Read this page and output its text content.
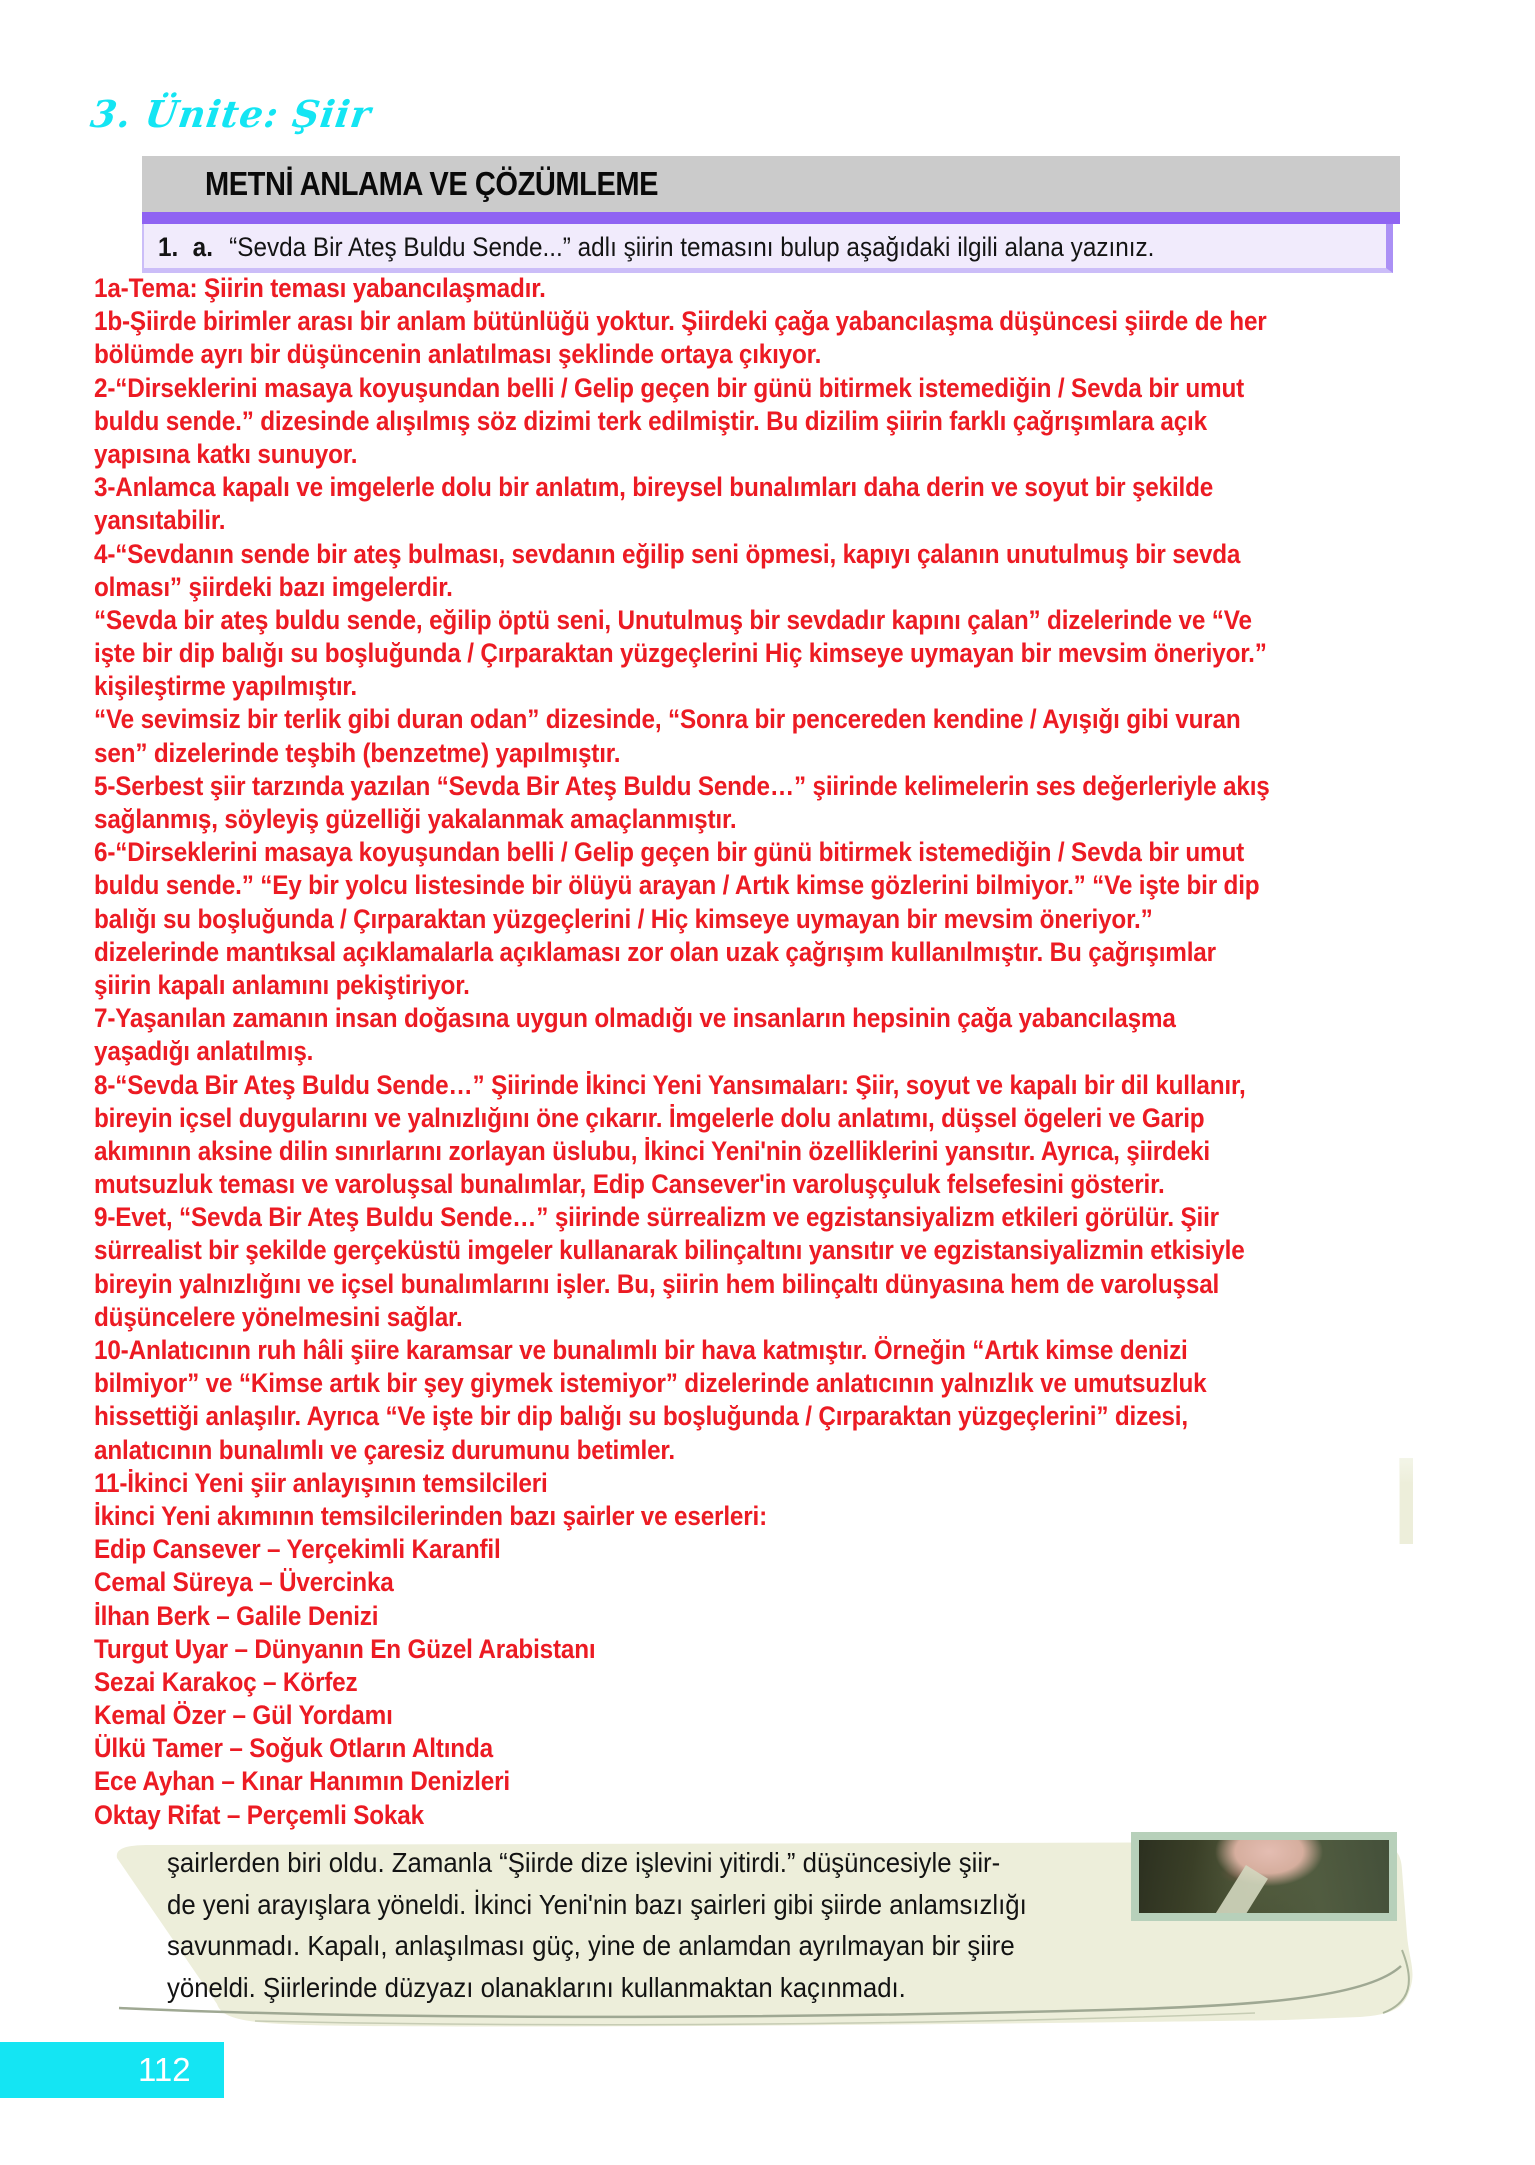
3. Ünite: Şiir
METNİ ANLAMA VE ÇÖZÜMLEME
1. a. “Sevda Bir Ateş Buldu Sende...” adlı şiirin temasını bulup aşağıdaki ilgili alana yazınız.
1a-Tema: Şiirin teması yabancılaşmadır.
1b-Şiirde birimler arası bir anlam bütünlüğü yoktur. Şiirdeki çağa yabancılaşma düşüncesi şiirde de her
bölümde ayrı bir düşüncenin anlatılması şeklinde ortaya çıkıyor.
2-“Dirseklerini masaya koyuşundan belli / Gelip geçen bir günü bitirmek istemediğin / Sevda bir umut
buldu sende.” dizesinde alışılmış söz dizimi terk edilmiştir. Bu dizilim şiirin farklı çağrışımlara açık
yapısına katkı sunuyor.
3-Anlamca kapalı ve imgelerle dolu bir anlatım, bireysel bunalımları daha derin ve soyut bir şekilde
yansıtabilir.
4-“Sevdanın sende bir ateş bulması, sevdanın eğilip seni öpmesi, kapıyı çalanın unutulmuş bir sevda
olması” şiirdeki bazı imgelerdir.
“Sevda bir ateş buldu sende, eğilip öptü seni, Unutulmuş bir sevdadır kapını çalan” dizelerinde ve “Ve
işte bir dip balığı su boşluğunda / Çırparaktan yüzgeçlerini Hiç kimseye uymayan bir mevsim öneriyor.”
kişileştirme yapılmıştır.
“Ve sevimsiz bir terlik gibi duran odan” dizesinde, “Sonra bir pencereden kendine / Ayışığı gibi vuran
sen” dizelerinde teşbih (benzetme) yapılmıştır.
5-Serbest şiir tarzında yazılan “Sevda Bir Ateş Buldu Sende…” şiirinde kelimelerin ses değerleriyle akış
sağlanmış, söyleyiş güzelliği yakalanmak amaçlanmıştır.
6-“Dirseklerini masaya koyuşundan belli / Gelip geçen bir günü bitirmek istemediğin / Sevda bir umut
buldu sende.” “Ey bir yolcu listesinde bir ölüyü arayan / Artık kimse gözlerini bilmiyor.” “Ve işte bir dip
balığı su boşluğunda / Çırparaktan yüzgeçlerini / Hiç kimseye uymayan bir mevsim öneriyor.”
dizelerinde mantıksal açıklamalarla açıklaması zor olan uzak çağrışım kullanılmıştır. Bu çağrışımlar
şiirin kapalı anlamını pekiştiriyor.
7-Yaşanılan zamanın insan doğasına uygun olmadığı ve insanların hepsinin çağa yabancılaşma
yaşadığı anlatılmış.
8-“Sevda Bir Ateş Buldu Sende…” Şiirinde İkinci Yeni Yansımaları: Şiir, soyut ve kapalı bir dil kullanır,
bireyin içsel duygularını ve yalnızlığını öne çıkarır. İmgelerle dolu anlatımı, düşsel ögeleri ve Garip
akımının aksine dilin sınırlarını zorlayan üslubu, İkinci Yeni'nin özelliklerini yansıtır. Ayrıca, şiirdeki
mutsuzluk teması ve varoluşsal bunalımlar, Edip Cansever'in varoluşçuluk felsefesini gösterir.
9-Evet, “Sevda Bir Ateş Buldu Sende…” şiirinde sürrealizm ve egzistansiyalizm etkileri görülür. Şiir
sürrealist bir şekilde gerçeküstü imgeler kullanarak bilinçaltını yansıtır ve egzistansiyalizmin etkisiyle
bireyin yalnızlığını ve içsel bunalımlarını işler. Bu, şiirin hem bilinçaltı dünyasına hem de varoluşsal
düşüncelere yönelmesini sağlar.
10-Anlatıcının ruh hâli şiire karamsar ve bunalımlı bir hava katmıştır. Örneğin “Artık kimse denizi
bilmiyor” ve “Kimse artık bir şey giymek istemiyor” dizelerinde anlatıcının yalnızlık ve umutsuzluk
hissettiği anlaşılır. Ayrıca “Ve işte bir dip balığı su boşluğunda / Çırparaktan yüzgeçlerini” dizesi,
anlatıcının bunalımlı ve çaresiz durumunu betimler.
11-İkinci Yeni şiir anlayışının temsilcileri
İkinci Yeni akımının temsilcilerinden bazı şairler ve eserleri:
Edip Cansever – Yerçekimli Karanfil
Cemal Süreya – Üvercinka
İlhan Berk – Galile Denizi
Turgut Uyar – Dünyanın En Güzel Arabistanı
Sezai Karakoç – Körfez
Kemal Özer – Gül Yordamı
Ülkü Tamer – Soğuk Otların Altında
Ece Ayhan – Kınar Hanımın Denizleri
Oktay Rifat – Perçemli Sokak
şairlerden biri oldu. Zamanla “Şiirde dize işlevini yitirdi.” düşüncesiyle şiir-
de yeni arayışlara yöneldi. İkinci Yeni'nin bazı şairleri gibi şiirde anlamsızlığı
savunmadı. Kapalı, anlaşılması güç, yine de anlamdan ayrılmayan bir şiire
yöneldi. Şiirlerinde düzyazı olanaklarını kullanmaktan kaçınmadı.
112
